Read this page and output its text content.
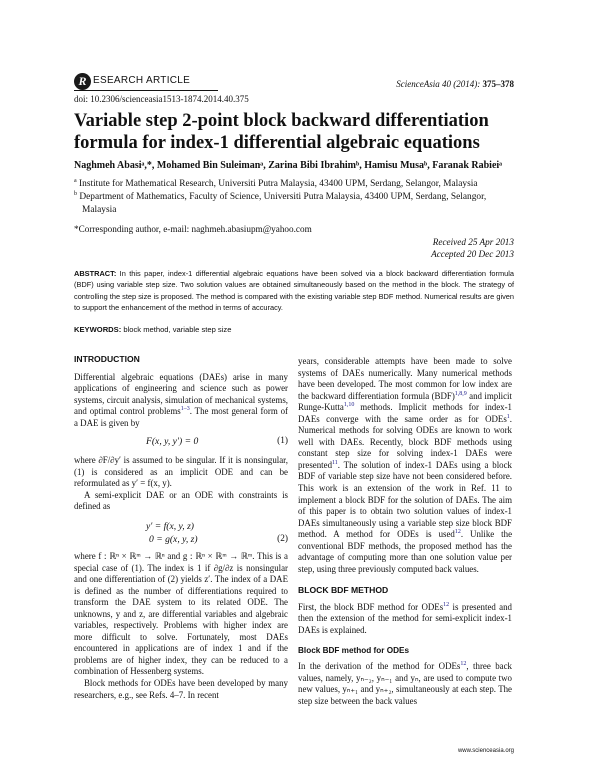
R ESEARCH ARTICLE	ScienceAsia 40 (2014): 375–378
doi: 10.2306/scienceasia1513-1874.2014.40.375
Variable step 2-point block backward differentiation formula for index-1 differential algebraic equations
Naghmeh Abasiᵃ,*, Mohamed Bin Suleimanᵃ, Zarina Bibi Ibrahimᵇ, Hamisu Musaᵇ, Faranak Rabieiᵃ
$^a$ Institute for Mathematical Research, Universiti Putra Malaysia, 43400 UPM, Serdang, Selangor, Malaysia
$^b$ Department of Mathematics, Faculty of Science, Universiti Putra Malaysia, 43400 UPM, Serdang, Selangor,
Malaysia
*Corresponding author, e-mail: naghmeh.abasiupm@yahoo.com
Received 25 Apr 2013
Accepted 20 Dec 2013
ABSTRACT: In this paper, index-1 differential algebraic equations have been solved via a block backward differentiation formula (BDF) using variable step size. Two solution values are obtained simultaneously based on the method in the block. The strategy of controlling the step size is proposed. The method is compared with the existing variable step BDF method. Numerical results are given to support the enhancement of the method in terms of accuracy.
KEYWORDS: block method, variable step size
INTRODUCTION

Differential algebraic equations (DAEs) arise in many applications of engineering and science such as power systems, circuit analysis, simulation of mechanical systems, and optimal control problems$^{1-3}$. The most general form of a DAE is given by

F(x, y, y′) = 0	(1)

where ∂F/∂y′ is assumed to be singular. If it is nonsingular, (1) is considered as an implicit ODE and can be reformulated as y′ = f(x, y).

A semi-explicit DAE or an ODE with constraints is defined as

y′ = f(x, y, z)
0 = g(x, y, z)	(2)

where f : ℝⁿ × ℝᵐ → ℝⁿ and g : ℝⁿ × ℝᵐ → ℝᵐ. This is a special case of (1). The index is 1 if ∂g/∂z is nonsingular and one differentiation of (2) yields z′. The index of a DAE is defined as the number of differentiations required to transform the DAE system to its related ODE. The unknowns, y and z, are differential variables and algebraic variables, respectively. Problems with higher index are more difficult to solve. Fortunately, most DAEs encountered in applications are of index 1 and if the problems are of higher index, they can be reduced to a combination of Hessenberg systems.

Block methods for ODEs have been developed by many researchers, e.g., see Refs. 4–7. In recent

years, considerable attempts have been made to solve systems of DAEs numerically. Many numerical methods have been developed. The most common for low index are the backward differentiation formula (BDF)$^{1,8,9}$ and implicit Runge-Kutta$^{1,10}$ methods. Implicit methods for index-1 DAEs converge with the same order as for ODEs$^1$. Numerical methods for solving ODEs are known to work well with DAEs. Recently, block BDF methods using constant step size for solving index-1 DAEs were presented$^{11}$. The solution of index-1 DAEs using a block BDF of variable step size have not been considered before. This work is an extension of the work in Ref. 11 to implement a block BDF for the solution of DAEs. The aim of this paper is to obtain two solution values of index-1 DAEs simultaneously using a variable step size block BDF method. A method for ODEs is used$^{12}$. Unlike the conventional BDF methods, the proposed method has the advantage of computing more than one solution value per step, using three previously computed back values.

BLOCK BDF METHOD

First, the block BDF method for ODEs$^{12}$ is presented and then the extension of the method for semi-explicit index-1 DAEs is explained.

Block BDF method for ODEs

In the derivation of the method for ODEs$^{12}$, three back values, namely, yₙ₋₂, yₙ₋₁ and yₙ, are used to compute two new values, yₙ₊₁ and yₙ₊₂, simultaneously at each step. The step size between the back values

www.scienceasia.org
